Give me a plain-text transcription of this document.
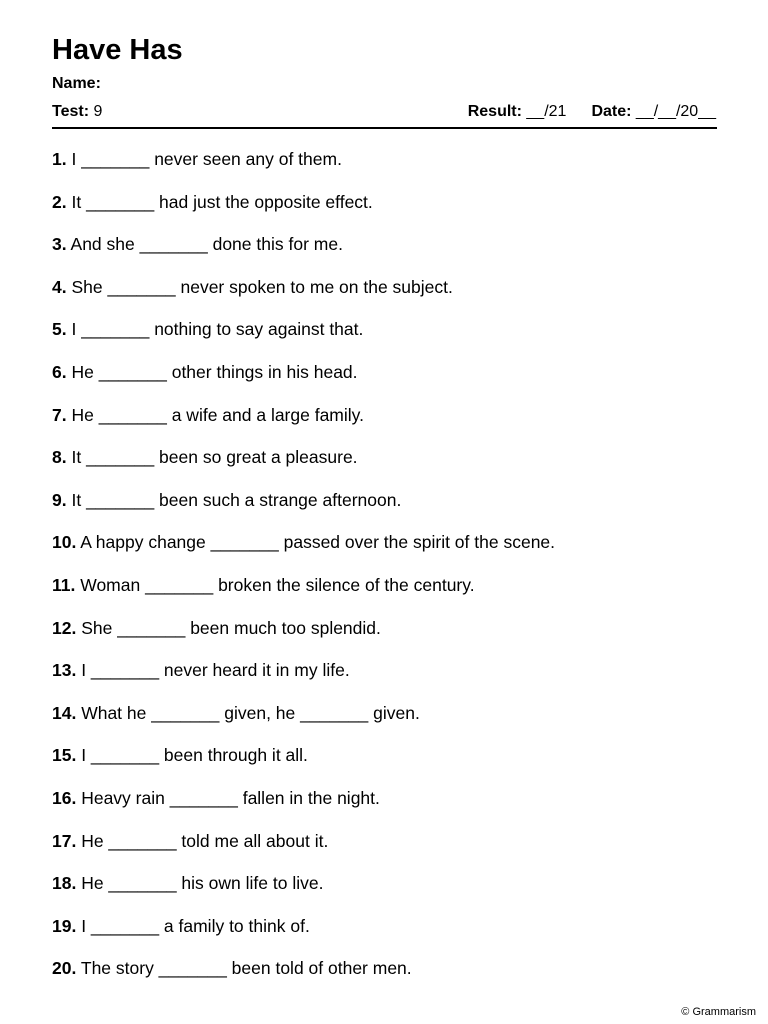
Have Has
Name:
Test: 9	Result: __/21 Date: __/__/20__
1. I _______ never seen any of them.
2. It _______ had just the opposite effect.
3. And she _______ done this for me.
4. She _______ never spoken to me on the subject.
5. I _______ nothing to say against that.
6. He _______ other things in his head.
7. He _______ a wife and a large family.
8. It _______ been so great a pleasure.
9. It _______ been such a strange afternoon.
10. A happy change _______ passed over the spirit of the scene.
11. Woman _______ broken the silence of the century.
12. She _______ been much too splendid.
13. I _______ never heard it in my life.
14. What he _______ given, he _______ given.
15. I _______ been through it all.
16. Heavy rain _______ fallen in the night.
17. He _______ told me all about it.
18. He _______ his own life to live.
19. I _______ a family to think of.
20. The story _______ been told of other men.
© Grammarism
